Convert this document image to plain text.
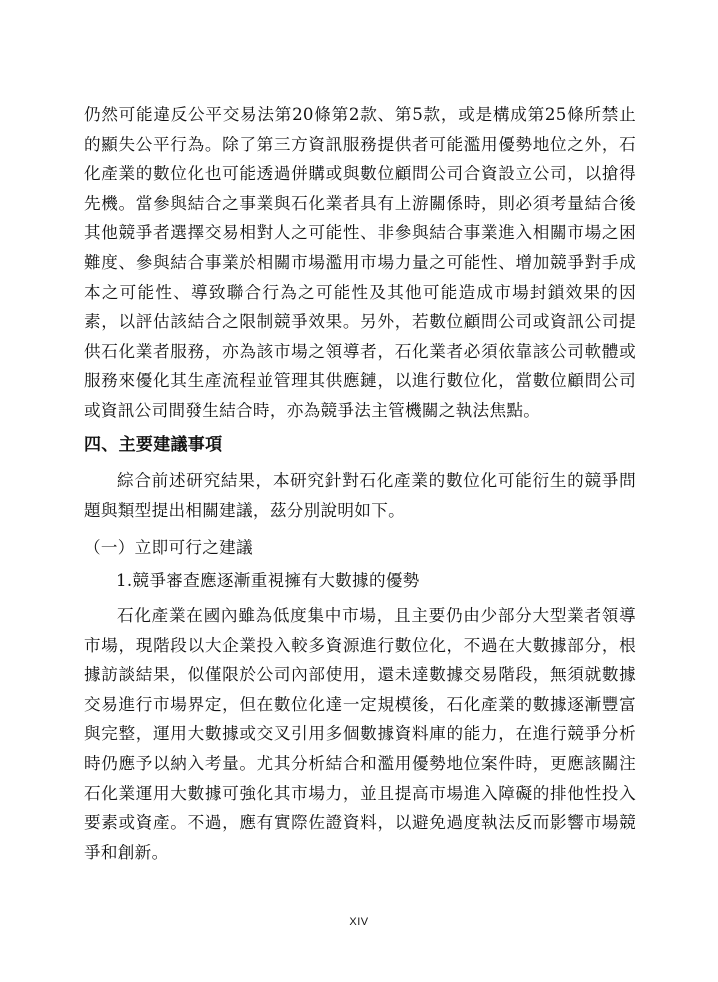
仍然可能違反公平交易法第20條第2款、第5款，或是構成第25條所禁止的顯失公平行為。除了第三方資訊服務提供者可能濫用優勢地位之外，石化產業的數位化也可能透過併購或與數位顧問公司合資設立公司，以搶得先機。當參與結合之事業與石化業者具有上游關係時，則必須考量結合後其他競爭者選擇交易相對人之可能性、非參與結合事業進入相關市場之困難度、參與結合事業於相關市場濫用市場力量之可能性、增加競爭對手成本之可能性、導致聯合行為之可能性及其他可能造成市場封鎖效果的因素，以評估該結合之限制競爭效果。另外，若數位顧問公司或資訊公司提供石化業者服務，亦為該市場之領導者，石化業者必須依靠該公司軟體或服務來優化其生產流程並管理其供應鏈，以進行數位化，當數位顧問公司或資訊公司間發生結合時，亦為競爭法主管機關之執法焦點。

四、主要建議事項

綜合前述研究結果，本研究針對石化產業的數位化可能衍生的競爭問題與類型提出相關建議，茲分別說明如下。

（一）立即可行之建議

1.競爭審查應逐漸重視擁有大數據的優勢

石化產業在國內雖為低度集中市場，且主要仍由少部分大型業者領導市場，現階段以大企業投入較多資源進行數位化，不過在大數據部分，根據訪談結果，似僅限於公司內部使用，還未達數據交易階段，無須就數據交易進行市場界定，但在數位化達一定規模後，石化產業的數據逐漸豐富與完整，運用大數據或交叉引用多個數據資料庫的能力，在進行競爭分析時仍應予以納入考量。尤其分析結合和濫用優勢地位案件時，更應該關注石化業運用大數據可強化其市場力，並且提高市場進入障礙的排他性投入要素或資產。不過，應有實際佐證資料，以避免過度執法反而影響市場競爭和創新。

XIV
